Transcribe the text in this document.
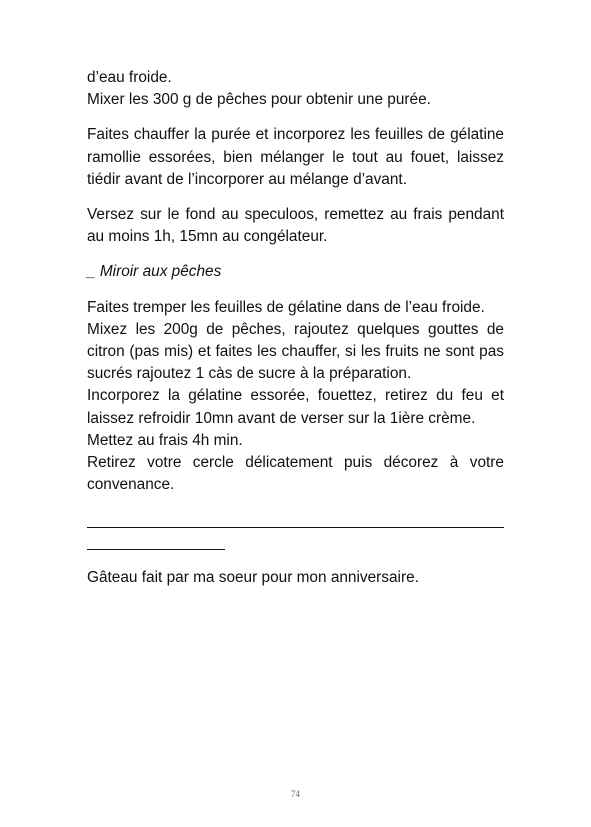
d’eau froide.
Mixer les 300 g de pêches pour obtenir une purée.

Faites chauffer la purée et incorporez les feuilles de gélatine ramollie essorées, bien mélanger le tout au fouet, laissez tiédir avant de l’incorporer au mélange d’avant.

Versez sur le fond au speculoos, remettez au frais pendant au moins 1h, 15mn au congélateur.

_ Miroir aux pêches

Faites tremper les feuilles de gélatine dans de l’eau froide.
Mixez les 200g de pêches, rajoutez quelques gouttes de citron (pas mis) et faites les chauffer, si les fruits ne sont pas sucrés rajoutez 1 càs de sucre à la préparation.
Incorporez la gélatine essorée, fouettez, retirez du feu et laissez refroidir 10mn avant de verser sur la 1ière crème.
Mettez au frais 4h min.
Retirez votre cercle délicatement puis décorez à votre convenance.

Gâteau fait par ma soeur pour mon anniversaire.

74
